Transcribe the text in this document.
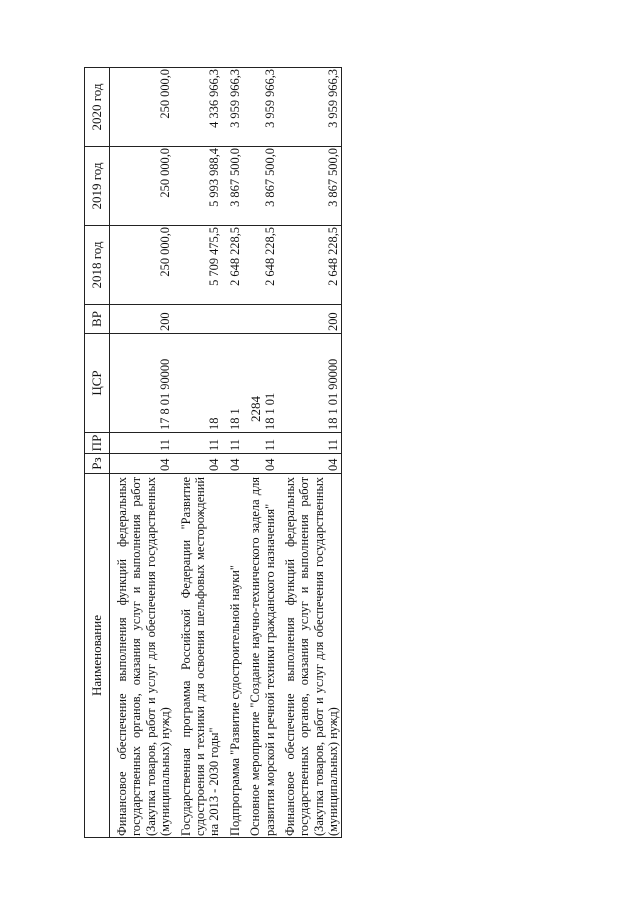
2284
Наименование	Рз	ПР	ЦСР	ВР	2018 год	2019 год	2020 год
Финансовое обеспечение выполнения функций федеральных государственных органов, оказания услуг и выполнения работ (Закупка товаров, работ и услуг для обеспечения государственных (муниципальных) нужд)	04	11	17 8 01 90000	200	250 000,0	250 000,0	250 000,0
Государственная программа Российской Федерации "Развитие судостроения и техники для освоения шельфовых месторождений на 2013 - 2030 годы"	04	11	18		5 709 475,5	5 993 988,4	4 336 966,3
Подпрограмма "Развитие судостроительной науки"	04	11	18 1		2 648 228,5	3 867 500,0	3 959 966,3
Основное мероприятие "Создание научно-технического задела для развития морской и речной техники гражданского назначения"	04	11	18 1 01		2 648 228,5	3 867 500,0	3 959 966,3
Финансовое обеспечение выполнения функций федеральных государственных органов, оказания услуг и выполнения работ (Закупка товаров, работ и услуг для обеспечения государственных (муниципальных) нужд)	04	11	18 1 01 90000	200	2 648 228,5	3 867 500,0	3 959 966,3
